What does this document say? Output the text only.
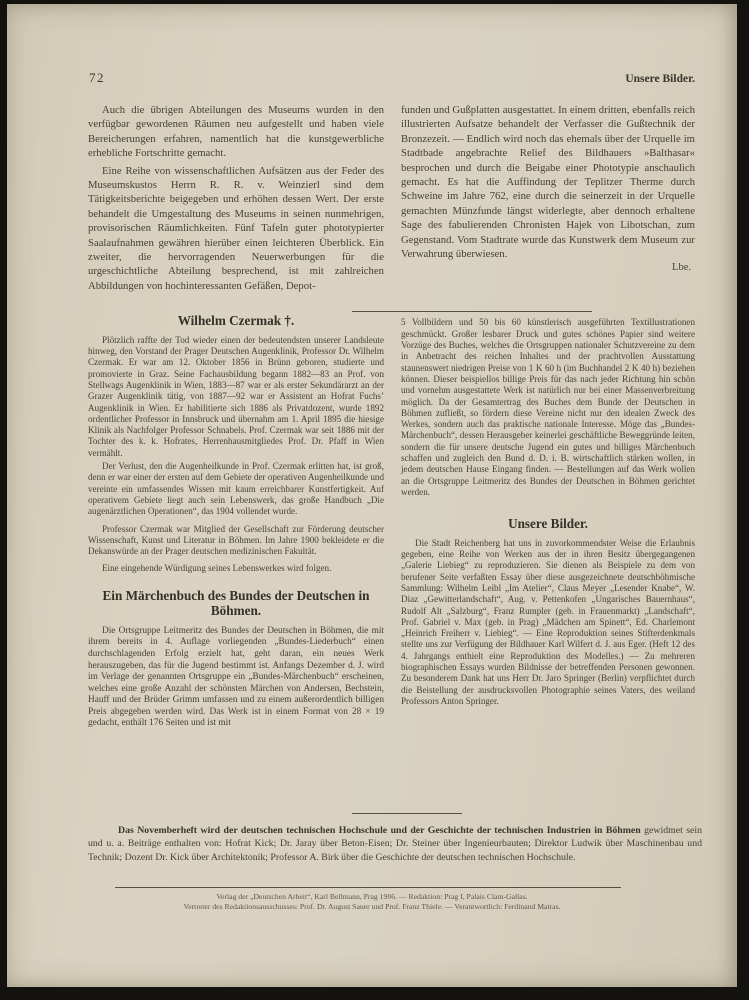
72	Unsere Bilder.

Auch die übrigen Abteilungen des Museums wurden in den verfügbar gewordenen Räumen neu aufgestellt und haben viele Bereicherungen erfahren, namentlich hat die kunstgewerbliche erhebliche Fortschritte gemacht.

Eine Reihe von wissenschaftlichen Aufsätzen aus der Feder des Museumskustos Herrn R. R. v. Weinzierl sind dem Tätigkeitsberichte beigegeben und erhöhen dessen Wert. Der erste behandelt die Umgestaltung des Museums in seinen nunmehrigen, provisorischen Räumlichkeiten. Fünf Tafeln guter phototypierter Saalaufnahmen gewähren hierüber einen leichteren Überblick. Ein zweiter, die hervorragenden Neuerwerbungen für die urgeschichtliche Abteilung besprechend, ist mit zahlreichen Abbildungen von hochinteressanten Gefäßen, Depot-

Wilhelm Czermak †.

Plötzlich raffte der Tod wieder einen der bedeutendsten unserer Landsleute hinweg, den Vorstand der Prager Deutschen Augenklinik, Professor Dr. Wilhelm Czermak. Er war am 12. Oktober 1856 in Brünn geboren, studierte und promovierte in Graz. Seine Fachausbildung begann 1882—83 an Prof. von Stellwags Augenklinik in Wien, 1883—87 war er als erster Sekundärarzt an der Grazer Augenklinik tätig, von 1887—92 war er Assistent an Hofrat Fuchs’ Augenklinik in Wien. Er habilitierte sich 1886 als Privatdozent, wurde 1892 ordentlicher Professor in Innsbruck und übernahm am 1. April 1895 die hiesige Klinik als Nachfolger Professor Schnabels. Prof. Czermak war seit 1886 mit der Tochter des k. k. Hofrates, Herrenhausmitgliedes Prof. Dr. Pfaff in Wien vermählt.

Der Verlust, den die Augenheilkunde in Prof. Czermak erlitten hat, ist groß, denn er war einer der ersten auf dem Gebiete der operativen Augenheilkunde und vereinte ein umfassendes Wissen mit kaum erreichbarer Kunstfertigkeit. Auf operativem Gebiete liegt auch sein Lebenswerk, das große Handbuch „Die augenärztlichen Operationen“, das 1904 vollendet wurde.

Professor Czermak war Mitglied der Gesellschaft zur Förderung deutscher Wissenschaft, Kunst und Literatur in Böhmen. Im Jahre 1900 bekleidete er die Dekanswürde an der Prager deutschen medizinischen Fakultät.

Eine eingehende Würdigung seines Lebenswerkes wird folgen.

Ein Märchenbuch des Bundes der Deutschen in Böhmen.

Die Ortsgruppe Leitmeritz des Bundes der Deutschen in Böhmen, die mit ihrem bereits in 4. Auflage vorliegenden „Bundes-Liederbuch“ einen durchschlagenden Erfolg erzielt hat, geht daran, ein neues Werk herauszugeben, das für die Jugend bestimmt ist. Anfangs Dezember d. J. wird im Verlage der genannten Ortsgruppe ein „Bundes-Märchenbuch“ erscheinen, welches eine große Anzahl der schönsten Märchen von Andersen, Bechstein, Hauff und der Brüder Grimm umfassen und zu einem außerordentlich billigen Preis abgegeben werden wird. Das Werk ist in einem Format von 28 × 19 gedacht, enthält 176 Seiten und ist mit

funden und Gußplatten ausgestattet. In einem dritten, ebenfalls reich illustrierten Aufsatze behandelt der Verfasser die Gußtechnik der Bronzezeit. — Endlich wird noch das ehemals über der Urquelle im Stadtbade angebrachte Relief des Bildhauers »Balthasar« besprochen und durch die Beigabe einer Phototypie anschaulich gemacht. Es hat die Auffindung der Teplitzer Therme durch Schweine im Jahre 762, eine durch die seinerzeit in der Urquelle gemachten Münzfunde längst widerlegte, aber dennoch erhaltene Sage des fabulierenden Chronisten Hajek von Libotschan, zum Gegenstand. Vom Stadtrate wurde das Kunstwerk dem Museum zur Verwahrung überwiesen.

Lbe.

5 Vollbildern und 50 bis 60 künstlerisch ausgeführten Textillustrationen geschmückt. Großer lesbarer Druck und gutes schönes Papier sind weitere Vorzüge des Buches, welches die Ortsgruppen nationaler Schutzvereine zu dem in Anbetracht des reichen Inhaltes und der prachtvollen Ausstattung staunenswert niedrigen Preise von 1 K 60 h (im Buchhandel 2 K 40 h) beziehen können. Dieser beispiellos billige Preis für das nach jeder Richtung hin schön und vornehm ausgestattete Werk ist natürlich nur bei einer Massenverbreitung möglich. Da der Gesamtertrag des Buches dem Bunde der Deutschen in Böhmen zufließt, so fördern diese Vereine nicht nur den idealen Zweck des Werkes, sondern auch das praktische nationale Interesse. Möge das „Bundes-Märchenbuch“, dessen Herausgeber keinerlei geschäftliche Beweggründe leiten, sondern die für unsere deutsche Jugend ein gutes und billiges Märchenbuch schaffen und zugleich den Bund d. D. i. B. wirtschaftlich stärken wollen, in jedem deutschen Hause Eingang finden. — Bestellungen auf das Werk wollen an die Ortsgruppe Leitmeritz des Bundes der Deutschen in Böhmen gerichtet werden.

Unsere Bilder.

Die Stadt Reichenberg hat uns in zuvorkommendster Weise die Erlaubnis gegeben, eine Reihe von Werken aus der in ihren Besitz übergegangenen „Galerie Liebieg“ zu reproduzieren. Sie dienen als Beispiele zu dem von berufener Seite verfaßten Essay über diese ausgezeichnete deutschböhmische Sammlung: Wilhelm Leibl „Im Atelier“, Claus Meyer „Lesender Knabe“, W. Diaz „Gewitterlandschaft“, Aug. v. Pettenkofen „Ungarisches Bauernhaus“, Rudolf Alt „Salzburg“, Franz Rumpler (geb. in Frauenmarkt) „Landschaft“, Prof. Gabriel v. Max (geb. in Prag) „Mädchen am Spinett“, Ed. Charlemont „Heinrich Freiherr v. Liebieg“. — Eine Reproduktion seines Stifterdenkmals stellte uns zur Verfügung der Bildhauer Karl Wilfert d. J. aus Eger. (Heft 12 des 4. Jahrgangs enthielt eine Reproduktion des Modelles.) — Zu mehreren biographischen Essays wurden Bildnisse der betreffenden Personen gewonnen. Zu besonderem Dank hat uns Herr Dr. Jaro Springer (Berlin) verpflichtet durch die Beistellung der ausdrucksvollen Photographie seines Vaters, des weiland Professors Anton Springer.

Das Novemberheft wird der deutschen technischen Hochschule und der Geschichte der technischen Industrien in Böhmen gewidmet sein und u. a. Beiträge enthalten von: Hofrat Kick; Dr. Jaray über Beton-Eisen; Dr. Steiner über Ingenieurbauten; Direktor Ludwik über Maschinenbau und Technik; Dozent Dr. Kick über Architektonik; Professor A. Birk über die Geschichte der deutschen technischen Hochschule.

Verlag der „Deutschen Arbeit“, Karl Bellmann, Prag 1906. — Redaktion: Prag I, Palais Clam-Gallas.
Vertreter des Redaktionsausschusses: Prof. Dr. August Sauer und Prof. Franz Thiele. — Verantwortlich: Ferdinand Matras.
